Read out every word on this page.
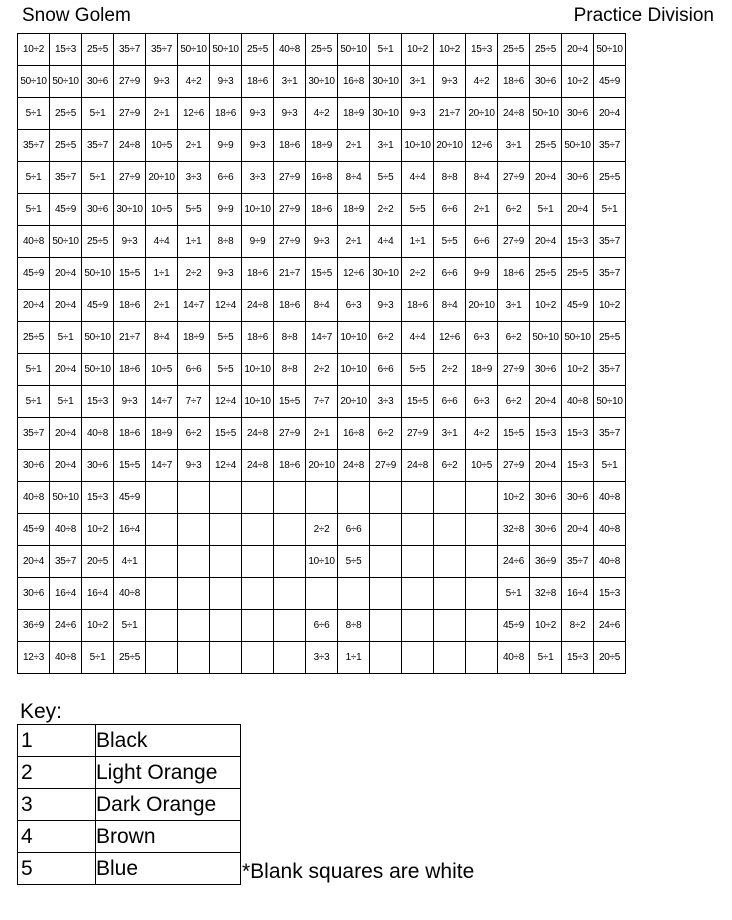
Snow Golem	Practice Division
10÷2	15÷3	25÷5	35÷7	35÷7	50÷10	50÷10	25÷5	40÷8	25÷5	50÷10	5÷1	10÷2	10÷2	15÷3	25÷5	25÷5	20÷4	50÷10
50÷10	50÷10	30÷6	27÷9	9÷3	4÷2	9÷3	18÷6	3÷1	30÷10	16÷8	30÷10	3÷1	9÷3	4÷2	18÷6	30÷6	10÷2	45÷9
5÷1	25÷5	5÷1	27÷9	2÷1	12÷6	18÷6	9÷3	9÷3	4÷2	18÷9	30÷10	9÷3	21÷7	20÷10	24÷8	50÷10	30÷6	20÷4
35÷7	25÷5	35÷7	24÷8	10÷5	2÷1	9÷9	9÷3	18÷6	18÷9	2÷1	3÷1	10÷10	20÷10	12÷6	3÷1	25÷5	50÷10	35÷7
5÷1	35÷7	5÷1	27÷9	20÷10	3÷3	6÷6	3÷3	27÷9	16÷8	8÷4	5÷5	4÷4	8÷8	8÷4	27÷9	20÷4	30÷6	25÷5
5÷1	45÷9	30÷6	30÷10	10÷5	5÷5	9÷9	10÷10	27÷9	18÷6	18÷9	2÷2	5÷5	6÷6	2÷1	6÷2	5÷1	20÷4	5÷1
40÷8	50÷10	25÷5	9÷3	4÷4	1÷1	8÷8	9÷9	27÷9	9÷3	2÷1	4÷4	1÷1	5÷5	6÷6	27÷9	20÷4	15÷3	35÷7
45÷9	20÷4	50÷10	15÷5	1÷1	2÷2	9÷3	18÷6	21÷7	15÷5	12÷6	30÷10	2÷2	6÷6	9÷9	18÷6	25÷5	25÷5	35÷7
20÷4	20÷4	45÷9	18÷6	2÷1	14÷7	12÷4	24÷8	18÷6	8÷4	6÷3	9÷3	18÷6	8÷4	20÷10	3÷1	10÷2	45÷9	10÷2
25÷5	5÷1	50÷10	21÷7	8÷4	18÷9	5÷5	18÷6	8÷8	14÷7	10÷10	6÷2	4÷4	12÷6	6÷3	6÷2	50÷10	50÷10	25÷5
5÷1	20÷4	50÷10	18÷6	10÷5	6÷6	5÷5	10÷10	8÷8	2÷2	10÷10	6÷6	5÷5	2÷2	18÷9	27÷9	30÷6	10÷2	35÷7
5÷1	5÷1	15÷3	9÷3	14÷7	7÷7	12÷4	10÷10	15÷5	7÷7	20÷10	3÷3	15÷5	6÷6	6÷3	6÷2	20÷4	40÷8	50÷10
35÷7	20÷4	40÷8	18÷6	18÷9	6÷2	15÷5	24÷8	27÷9	2÷1	16÷8	6÷2	27÷9	3÷1	4÷2	15÷5	15÷3	15÷3	35÷7
30÷6	20÷4	30÷6	15÷5	14÷7	9÷3	12÷4	24÷8	18÷6	20÷10	24÷8	27÷9	24÷8	6÷2	10÷5	27÷9	20÷4	15÷3	5÷1
40÷8	50÷10	15÷3	45÷9												10÷2	30÷6	30÷6	40÷8
45÷9	40÷8	10÷2	16÷4						2÷2	6÷6					32÷8	30÷6	20÷4	40÷8
20÷4	35÷7	20÷5	4÷1						10÷10	5÷5					24÷6	36÷9	35÷7	40÷8
30÷6	16÷4	16÷4	40÷8												5÷1	32÷8	16÷4	15÷3
36÷9	24÷6	10÷2	5÷1						6÷6	8÷8					45÷9	10÷2	8÷2	24÷6
12÷3	40÷8	5÷1	25÷5						3÷3	1÷1					40÷8	5÷1	15÷3	20÷5
Key:
1	Black
2	Light Orange
3	Dark Orange
4	Brown
5	Blue	*Blank squares are white
